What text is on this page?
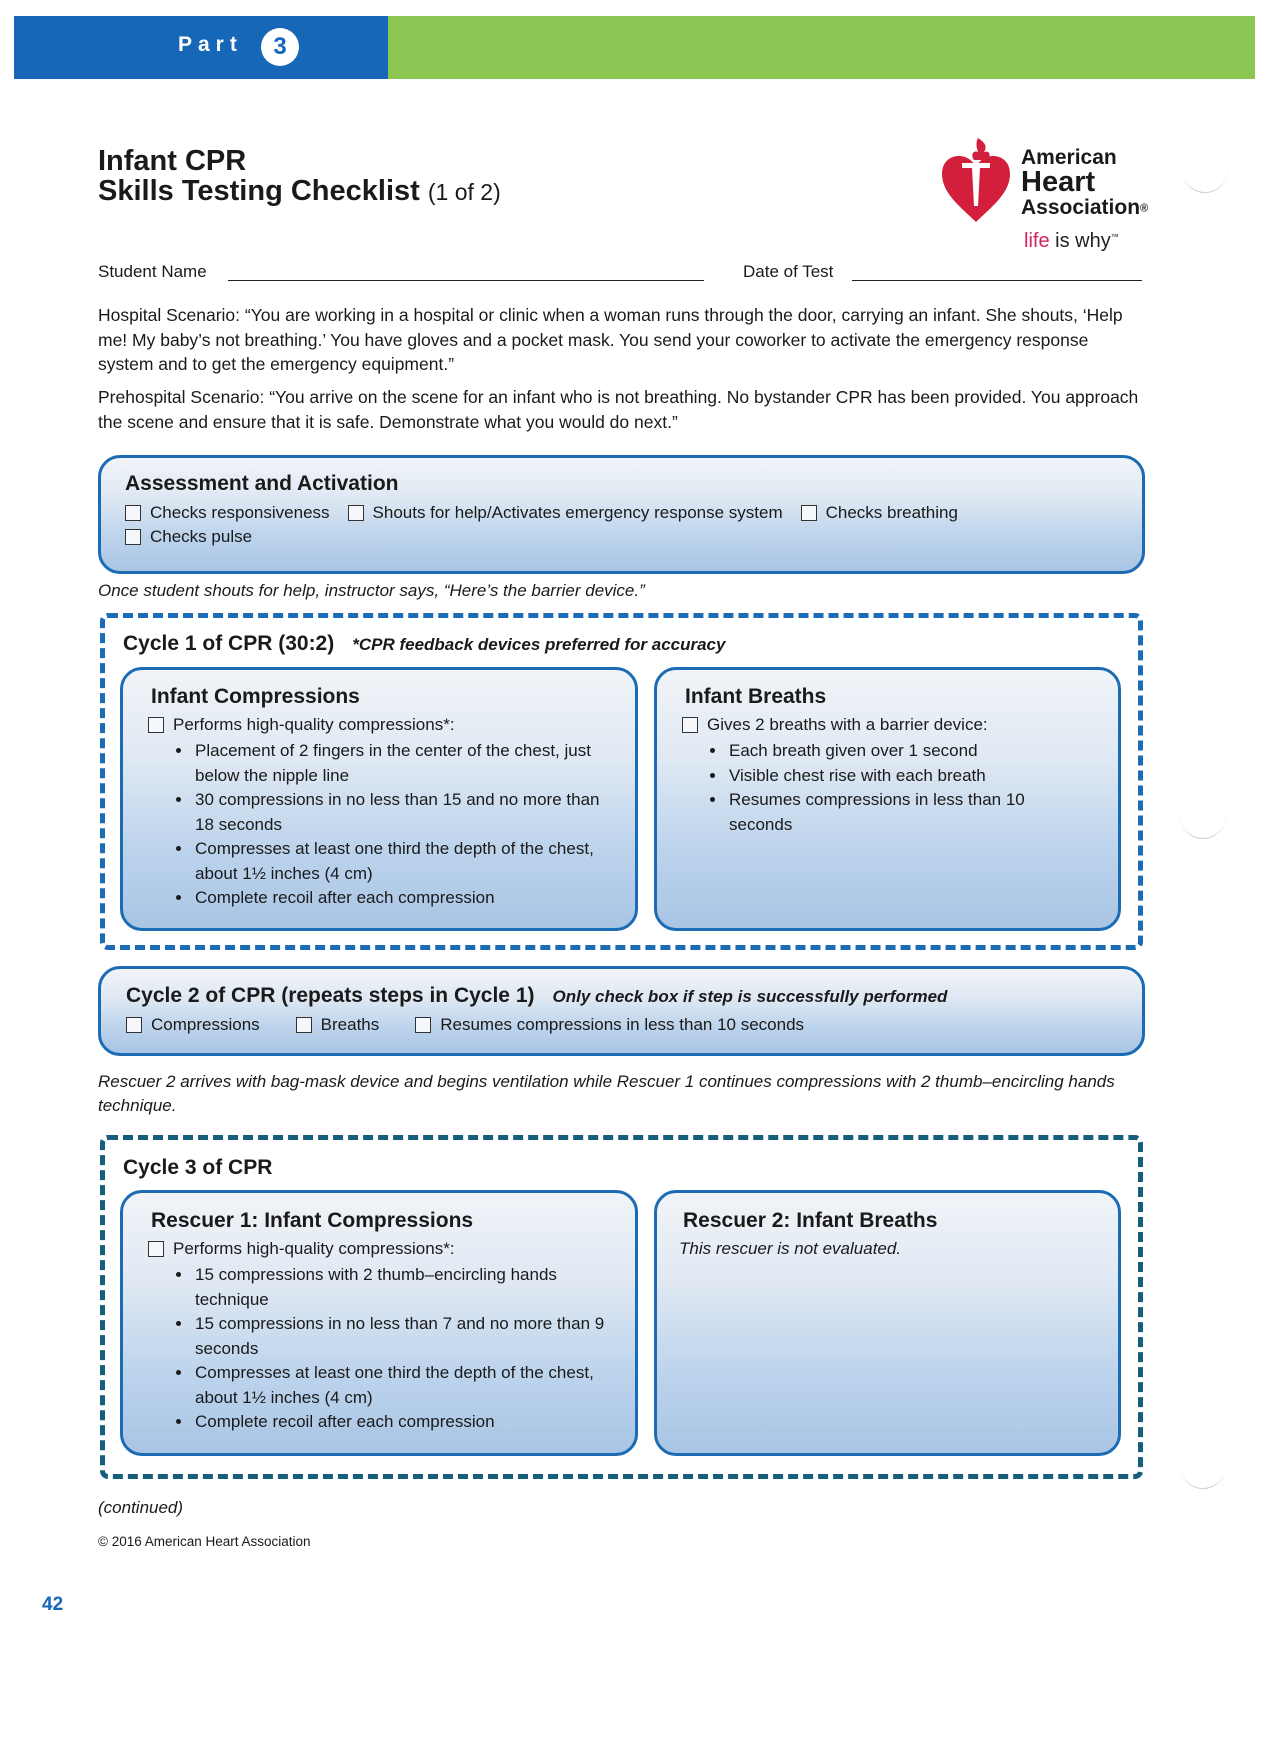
Part	3
Infant CPR
Skills Testing Checklist (1 of 2)
American
Heart
Association®
life is why™
Student Name	Date of Test
Hospital Scenario: “You are working in a hospital or clinic when a woman runs through the door, carrying an infant. She shouts, ‘Help me! My baby’s not breathing.’ You have gloves and a pocket mask. You send your coworker to activate the emergency response system and to get the emergency equipment.”
Prehospital Scenario: “You arrive on the scene for an infant who is not breathing. No bystander CPR has been provided. You approach the scene and ensure that it is safe. Demonstrate what you would do next.”
Assessment and Activation
Checks responsiveness	Shouts for help/Activates emergency response system	Checks breathing
Checks pulse
Once student shouts for help, instructor says, “Here’s the barrier device.”
Cycle 1 of CPR (30:2) *CPR feedback devices preferred for accuracy
Infant Compressions
Performs high-quality compressions*:
• Placement of 2 fingers in the center of the chest, just below the nipple line
• 30 compressions in no less than 15 and no more than 18 seconds
• Compresses at least one third the depth of the chest, about 1½ inches (4 cm)
• Complete recoil after each compression
Infant Breaths
Gives 2 breaths with a barrier device:
• Each breath given over 1 second
• Visible chest rise with each breath
• Resumes compressions in less than 10 seconds
Cycle 2 of CPR (repeats steps in Cycle 1) Only check box if step is successfully performed
Compressions	Breaths	Resumes compressions in less than 10 seconds
Rescuer 2 arrives with bag-mask device and begins ventilation while Rescuer 1 continues compressions with 2 thumb–encircling hands technique.
Cycle 3 of CPR
Rescuer 1: Infant Compressions
Performs high-quality compressions*:
• 15 compressions with 2 thumb–encircling hands technique
• 15 compressions in no less than 7 and no more than 9 seconds
• Compresses at least one third the depth of the chest, about 1½ inches (4 cm)
• Complete recoil after each compression
Rescuer 2: Infant Breaths
This rescuer is not evaluated.
(continued)
© 2016 American Heart Association
42
